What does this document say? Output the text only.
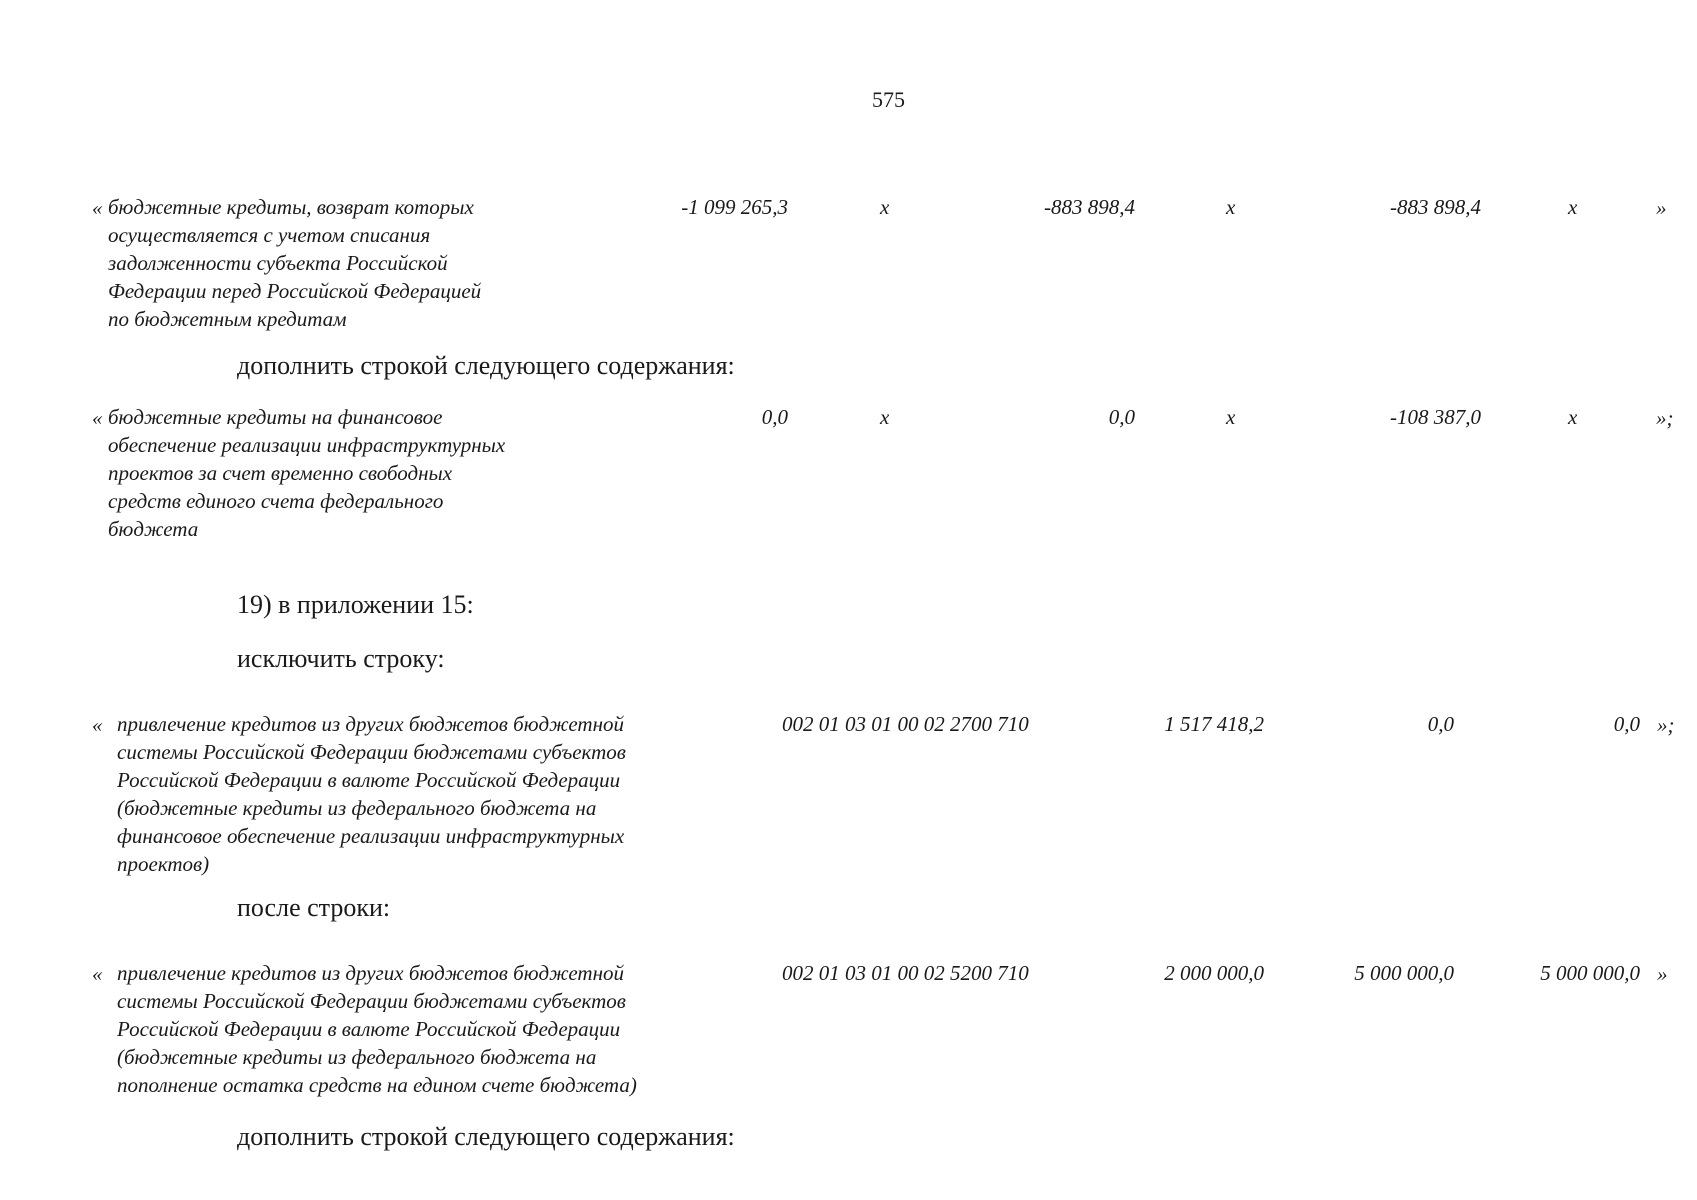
575
« бюджетные кредиты, возврат которых
осуществляется с учетом списания
задолженности субъекта Российской
Федерации перед Российской Федерацией
по бюджетным кредитам
-1 099 265,3	х	-883 898,4	х	-883 898,4	х	»
дополнить строкой следующего содержания:
« бюджетные кредиты на финансовое
обеспечение реализации инфраструктурных
проектов за счет временно свободных
средств единого счета федерального
бюджета
0,0	х	0,0	х	-108 387,0	х	»;
19) в приложении 15:
исключить строку:
« привлечение кредитов из других бюджетов бюджетной
системы Российской Федерации бюджетами субъектов
Российской Федерации в валюте Российской Федерации
(бюджетные кредиты из федерального бюджета на
финансовое обеспечение реализации инфраструктурных
проектов)
002 01 03 01 00 02 2700 710	1 517 418,2	0,0	0,0 »;
после строки:
« привлечение кредитов из других бюджетов бюджетной
системы Российской Федерации бюджетами субъектов
Российской Федерации в валюте Российской Федерации
(бюджетные кредиты из федерального бюджета на
пополнение остатка средств на едином счете бюджета)
002 01 03 01 00 02 5200 710	2 000 000,0	5 000 000,0	5 000 000,0 »
дополнить строкой следующего содержания:
